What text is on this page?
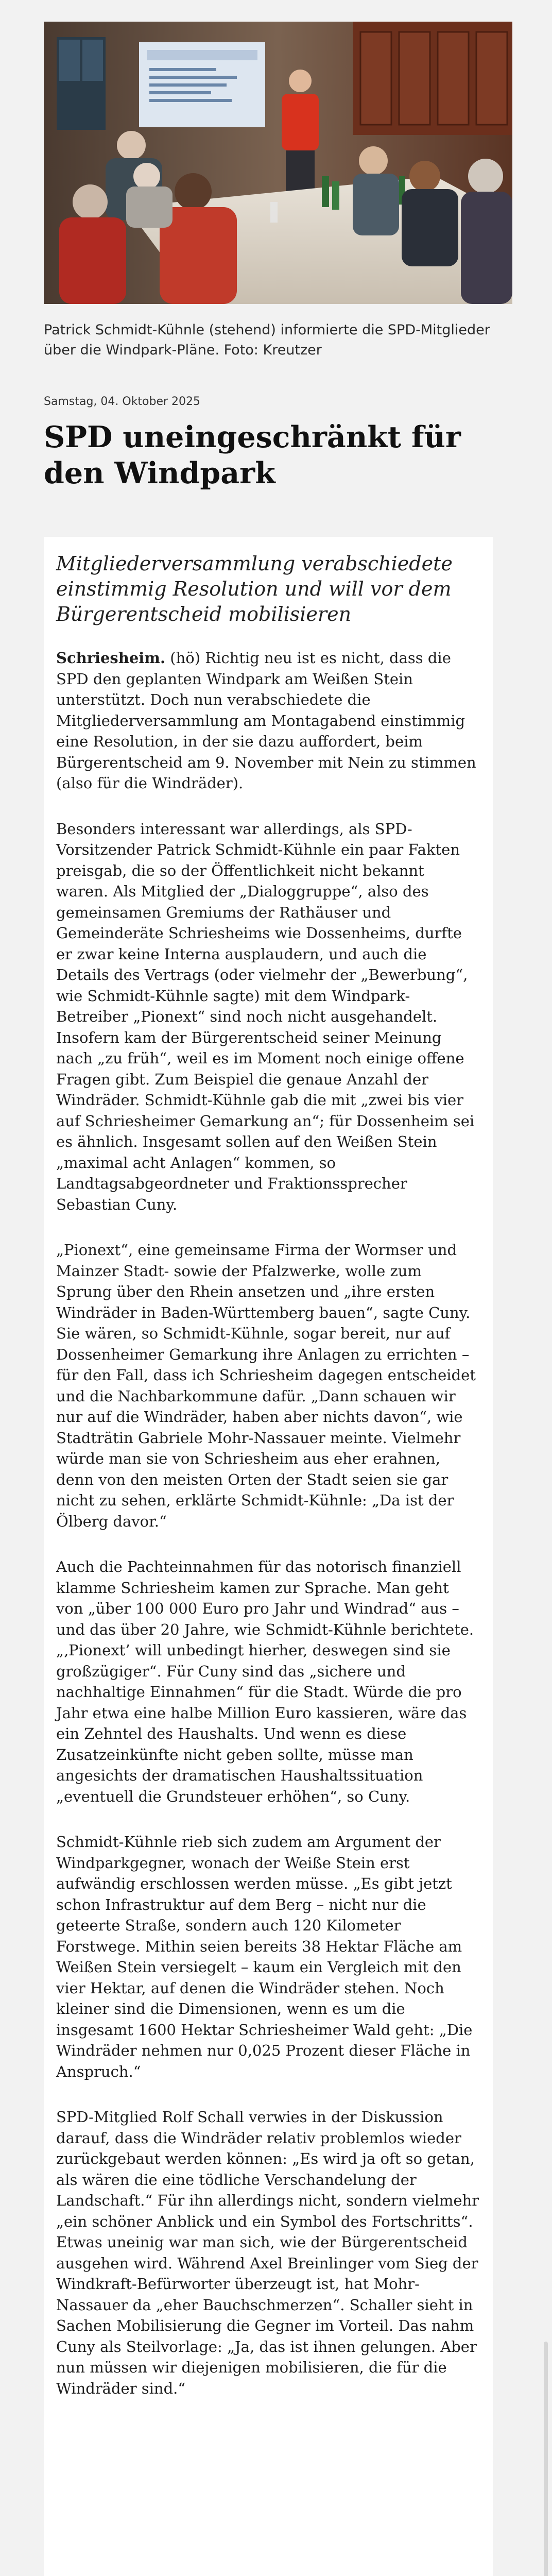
Patrick Schmidt-Kühnle (stehend) informierte die SPD-Mitglieder über die Windpark-Pläne. Foto: Kreutzer

Samstag, 04. Oktober 2025
SPD uneingeschränkt für den Windpark

Mitgliederversammlung verabschiedete einstimmig Resolution und will vor dem Bürgerentscheid mobilisieren

Schriesheim. (hö) Richtig neu ist es nicht, dass die SPD den geplanten Windpark am Weißen Stein unterstützt. Doch nun verabschiedete die Mitgliederversammlung am Montagabend einstimmig eine Resolution, in der sie dazu auffordert, beim Bürgerentscheid am 9. November mit Nein zu stimmen (also für die Windräder).

Besonders interessant war allerdings, als SPD-Vorsitzender Patrick Schmidt-Kühnle ein paar Fakten preisgab, die so der Öffentlichkeit nicht bekannt waren. Als Mitglied der „Dialoggruppe“, also des gemeinsamen Gremiums der Rathäuser und Gemeinderäte Schriesheims wie Dossenheims, durfte er zwar keine Interna ausplaudern, und auch die Details des Vertrags (oder vielmehr der „Bewerbung“, wie Schmidt-Kühnle sagte) mit dem Windpark-Betreiber „Pionext“ sind noch nicht ausgehandelt. Insofern kam der Bürgerentscheid seiner Meinung nach „zu früh“, weil es im Moment noch einige offene Fragen gibt. Zum Beispiel die genaue Anzahl der Windräder. Schmidt-Kühnle gab die mit „zwei bis vier auf Schriesheimer Gemarkung an“; für Dossenheim sei es ähnlich. Insgesamt sollen auf den Weißen Stein „maximal acht Anlagen“ kommen, so Landtagsabgeordneter und Fraktionssprecher Sebastian Cuny.

„Pionext“, eine gemeinsame Firma der Wormser und Mainzer Stadt- sowie der Pfalzwerke, wolle zum Sprung über den Rhein ansetzen und „ihre ersten Windräder in Baden-Württemberg bauen“, sagte Cuny. Sie wären, so Schmidt-Kühnle, sogar bereit, nur auf Dossenheimer Gemarkung ihre Anlagen zu errichten – für den Fall, dass ich Schriesheim dagegen entscheidet und die Nachbarkommune dafür. „Dann schauen wir nur auf die Windräder, haben aber nichts davon“, wie Stadträtin Gabriele Mohr-Nassauer meinte. Vielmehr würde man sie von Schriesheim aus eher erahnen, denn von den meisten Orten der Stadt seien sie gar nicht zu sehen, erklärte Schmidt-Kühnle: „Da ist der Ölberg davor.“

Auch die Pachteinnahmen für das notorisch finanziell klamme Schriesheim kamen zur Sprache. Man geht von „über 100 000 Euro pro Jahr und Windrad“ aus – und das über 20 Jahre, wie Schmidt-Kühnle berichtete. „‚Pionext’ will unbedingt hierher, deswegen sind sie großzügiger“. Für Cuny sind das „sichere und nachhaltige Einnahmen“ für die Stadt. Würde die pro Jahr etwa eine halbe Million Euro kassieren, wäre das ein Zehntel des Haushalts. Und wenn es diese Zusatzeinkünfte nicht geben sollte, müsse man angesichts der dramatischen Haushaltssituation „eventuell die Grundsteuer erhöhen“, so Cuny.

Schmidt-Kühnle rieb sich zudem am Argument der Windparkgegner, wonach der Weiße Stein erst aufwändig erschlossen werden müsse. „Es gibt jetzt schon Infrastruktur auf dem Berg – nicht nur die geteerte Straße, sondern auch 120 Kilometer Forstwege. Mithin seien bereits 38 Hektar Fläche am Weißen Stein versiegelt – kaum ein Vergleich mit den vier Hektar, auf denen die Windräder stehen. Noch kleiner sind die Dimensionen, wenn es um die insgesamt 1600 Hektar Schriesheimer Wald geht: „Die Windräder nehmen nur 0,025 Prozent dieser Fläche in Anspruch.“

SPD-Mitglied Rolf Schall verwies in der Diskussion darauf, dass die Windräder relativ problemlos wieder zurückgebaut werden können: „Es wird ja oft so getan, als wären die eine tödliche Verschandelung der Landschaft.“ Für ihn allerdings nicht, sondern vielmehr „ein schöner Anblick und ein Symbol des Fortschritts“. Etwas uneinig war man sich, wie der Bürgerentscheid ausgehen wird. Während Axel Breinlinger vom Sieg der Windkraft-Befürworter überzeugt ist, hat Mohr-Nassauer da „eher Bauchschmerzen“. Schaller sieht in Sachen Mobilisierung die Gegner im Vorteil. Das nahm Cuny als Steilvorlage: „Ja, das ist ihnen gelungen. Aber nun müssen wir diejenigen mobilisieren, die für die Windräder sind.“
